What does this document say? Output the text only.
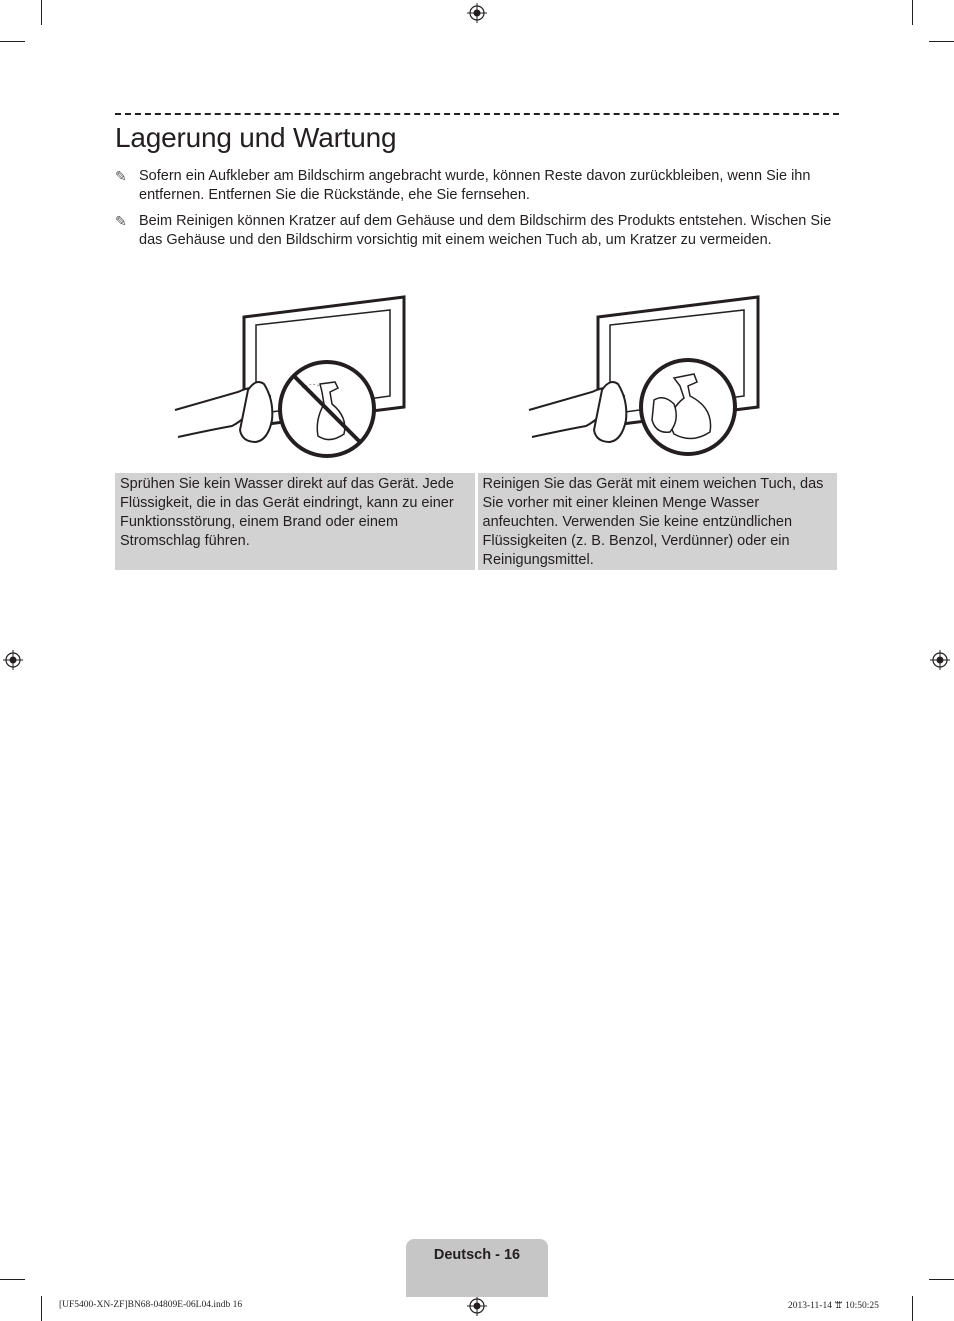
Lagerung und Wartung
✎ Sofern ein Aufkleber am Bildschirm angebracht wurde, können Reste davon zurückbleiben, wenn Sie ihn entfernen. Entfernen Sie die Rückstände, ehe Sie fernsehen.
✎ Beim Reinigen können Kratzer auf dem Gehäuse und dem Bildschirm des Produkts entstehen. Wischen Sie das Gehäuse und den Bildschirm vorsichtig mit einem weichen Tuch ab, um Kratzer zu vermeiden.
Sprühen Sie kein Wasser direkt auf das Gerät. Jede Flüssigkeit, die in das Gerät eindringt, kann zu einer Funktionsstörung, einem Brand oder einem Stromschlag führen.
Reinigen Sie das Gerät mit einem weichen Tuch, das Sie vorher mit einer kleinen Menge Wasser anfeuchten. Verwenden Sie keine entzündlichen Flüssigkeiten (z. B. Benzol, Verdünner) oder ein Reinigungsmittel.
Deutsch - 16
[UF5400-XN-ZF]BN68-04809E-06L04.indb 16	2013-11-14 ꖁ 10:50:25
